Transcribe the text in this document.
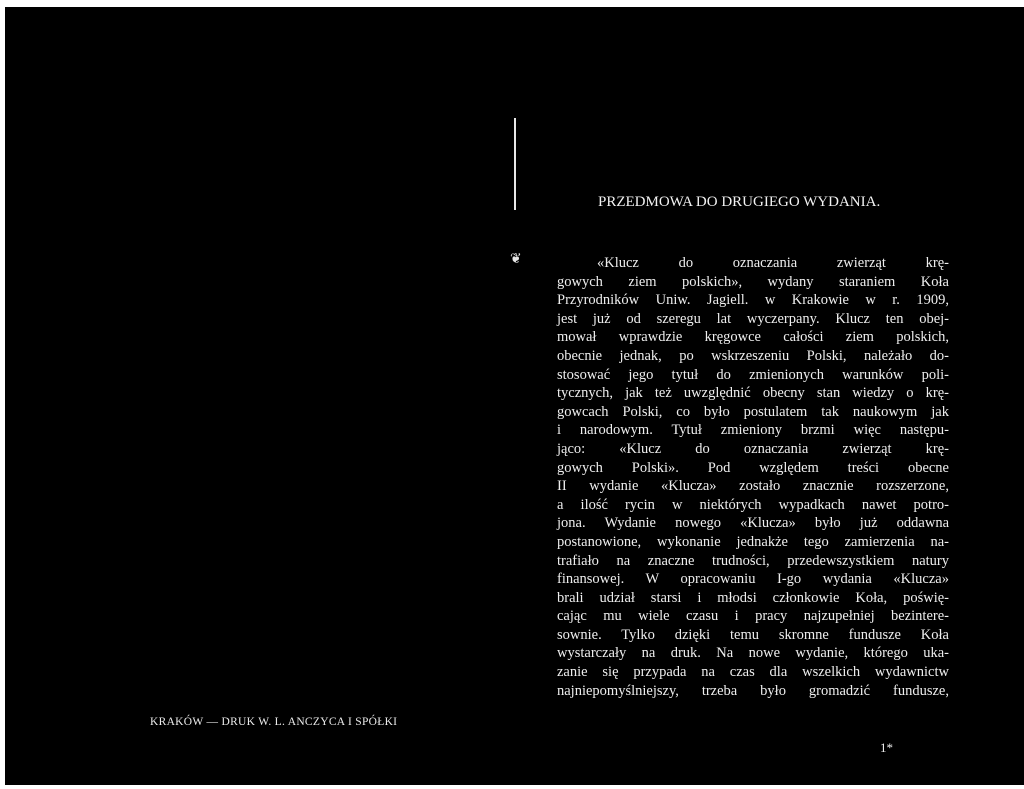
KRAKÓW — DRUK W. L. ANCZYCA I SPÓŁKI
❦
PRZEDMOWA DO DRUGIEGO WYDANIA.
«Klucz do oznaczania zwierząt krę-
gowych ziem polskich», wydany staraniem Koła
Przyrodników Uniw. Jagiell. w Krakowie w r. 1909,
jest już od szeregu lat wyczerpany. Klucz ten obej-
mował wprawdzie kręgowce całości ziem polskich,
obecnie jednak, po wskrzeszeniu Polski, należało do-
stosować jego tytuł do zmienionych warunków poli-
tycznych, jak też uwzględnić obecny stan wiedzy o krę-
gowcach Polski, co było postulatem tak naukowym jak
i narodowym. Tytuł zmieniony brzmi więc następu-
jąco: «Klucz do oznaczania zwierząt krę-
gowych Polski». Pod względem treści obecne
II wydanie «Klucza» zostało znacznie rozszerzone,
a ilość rycin w niektórych wypadkach nawet potro-
jona. Wydanie nowego «Klucza» było już oddawna
postanowione, wykonanie jednakże tego zamierzenia na-
trafiało na znaczne trudności, przedewszystkiem natury
finansowej. W opracowaniu I-go wydania «Klucza»
brali udział starsi i młodsi członkowie Koła, poświę-
cając mu wiele czasu i pracy najzupełniej bezintere-
sownie. Tylko dzięki temu skromne fundusze Koła
wystarczały na druk. Na nowe wydanie, którego uka-
zanie się przypada na czas dla wszelkich wydawnictw
najniepomyślniejszy, trzeba było gromadzić fundusze,
1*
